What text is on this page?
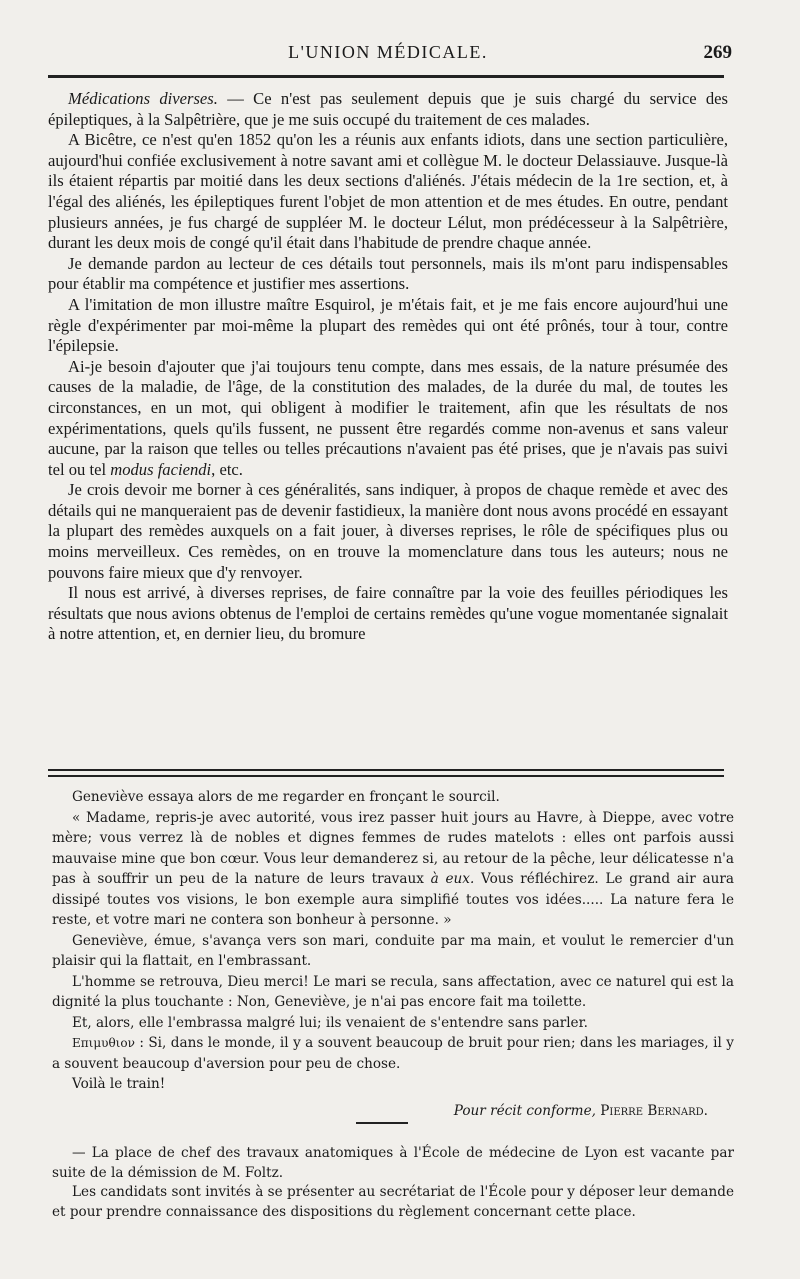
L'UNION MÉDICALE.	269

Médications diverses. — Ce n'est pas seulement depuis que je suis chargé du service des épileptiques, à la Salpêtrière, que je me suis occupé du traitement de ces malades.

A Bicêtre, ce n'est qu'en 1852 qu'on les a réunis aux enfants idiots, dans une section particulière, aujourd'hui confiée exclusivement à notre savant ami et collègue M. le docteur Delassiauve. Jusque-là ils étaient répartis par moitié dans les deux sections d'aliénés. J'étais médecin de la 1re section, et, à l'égal des aliénés, les épileptiques furent l'objet de mon attention et de mes études. En outre, pendant plusieurs années, je fus chargé de suppléer M. le docteur Lélut, mon prédécesseur à la Salpêtrière, durant les deux mois de congé qu'il était dans l'habitude de prendre chaque année.

Je demande pardon au lecteur de ces détails tout personnels, mais ils m'ont paru indispensables pour établir ma compétence et justifier mes assertions.

A l'imitation de mon illustre maître Esquirol, je m'étais fait, et je me fais encore aujourd'hui une règle d'expérimenter par moi-même la plupart des remèdes qui ont été prônés, tour à tour, contre l'épilepsie.

Ai-je besoin d'ajouter que j'ai toujours tenu compte, dans mes essais, de la nature présumée des causes de la maladie, de l'âge, de la constitution des malades, de la durée du mal, de toutes les circonstances, en un mot, qui obligent à modifier le traitement, afin que les résultats de nos expérimentations, quels qu'ils fussent, ne pussent être regardés comme non-avenus et sans valeur aucune, par la raison que telles ou telles précautions n'avaient pas été prises, que je n'avais pas suivi tel ou tel modus faciendi, etc.

Je crois devoir me borner à ces généralités, sans indiquer, à propos de chaque remède et avec des détails qui ne manqueraient pas de devenir fastidieux, la manière dont nous avons procédé en essayant la plupart des remèdes auxquels on a fait jouer, à diverses reprises, le rôle de spécifiques plus ou moins merveilleux. Ces remèdes, on en trouve la momenclature dans tous les auteurs; nous ne pouvons faire mieux que d'y renvoyer.

Il nous est arrivé, à diverses reprises, de faire connaître par la voie des feuilles périodiques les résultats que nous avions obtenus de l'emploi de certains remèdes qu'une vogue momentanée signalait à notre attention, et, en dernier lieu, du bromure

Geneviève essaya alors de me regarder en fronçant le sourcil.

« Madame, repris-je avec autorité, vous irez passer huit jours au Havre, à Dieppe, avec votre mère; vous verrez là de nobles et dignes femmes de rudes matelots : elles ont parfois aussi mauvaise mine que bon cœur. Vous leur demanderez si, au retour de la pêche, leur délicatesse n'a pas à souffrir un peu de la nature de leurs travaux à eux. Vous réfléchirez. Le grand air aura dissipé toutes vos visions, le bon exemple aura simplifié toutes vos idées..... La nature fera le reste, et votre mari ne contera son bonheur à personne. »

Geneviève, émue, s'avança vers son mari, conduite par ma main, et voulut le remercier d'un plaisir qui la flattait, en l'embrassant.

L'homme se retrouva, Dieu merci! Le mari se recula, sans affectation, avec ce naturel qui est la dignité la plus touchante : Non, Geneviève, je n'ai pas encore fait ma toilette.

Et, alors, elle l'embrassa malgré lui; ils venaient de s'entendre sans parler.

Επιμυθιον : Si, dans le monde, il y a souvent beaucoup de bruit pour rien; dans les mariages, il y a souvent beaucoup d'aversion pour peu de chose.

Voilà le train!

Pour récit conforme, Pierre Bernard.

— La place de chef des travaux anatomiques à l'École de médecine de Lyon est vacante par suite de la démission de M. Foltz.

Les candidats sont invités à se présenter au secrétariat de l'École pour y déposer leur demande et pour prendre connaissance des dispositions du règlement concernant cette place.
